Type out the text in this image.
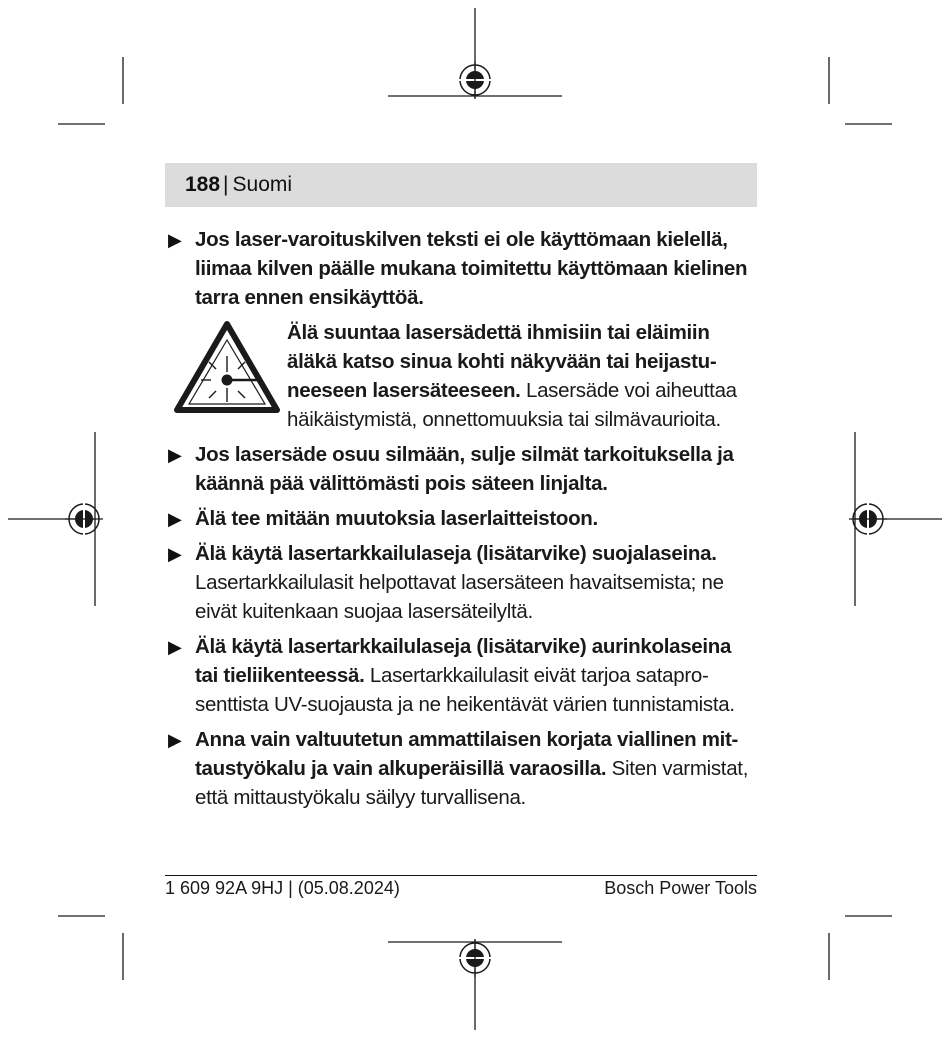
188 | Suomi
▶ Jos laser-varoituskilven teksti ei ole käyttömaan kielellä, liimaa kilven päälle mukana toimitettu käyttömaan kielinen tarra ennen ensikäyttöä.
Älä suuntaa lasersädettä ihmisiin tai eläimiin äläkä katso sinua kohti näkyvään tai heijastuneeseen lasersäteeseen. Lasersäde voi aiheuttaa häikäistymistä, onnettomuuksia tai silmävaurioita.
▶ Jos lasersäde osuu silmään, sulje silmät tarkoituksella ja käännä pää välittömästi pois säteen linjalta.
▶ Älä tee mitään muutoksia laserlaitteistoon.
▶ Älä käytä lasertarkkailulaseja (lisätarvike) suojalaseina. Lasertarkkailulasit helpottavat lasersäteen havaitsemista; ne eivät kuitenkaan suojaa lasersäteilyltä.
▶ Älä käytä lasertarkkailulaseja (lisätarvike) aurinkolaseina tai tieliikenteessä. Lasertarkkailulasit eivät tarjoa sataprosenttista UV-suojausta ja ne heikentävät värien tunnistamista.
▶ Anna vain valtuutetun ammattilaisen korjata viallinen mittaustyökalu ja vain alkuperäisillä varaosilla. Siten varmistat, että mittaustyökalu säilyy turvallisena.
1 609 92A 9HJ | (05.08.2024)	Bosch Power Tools
